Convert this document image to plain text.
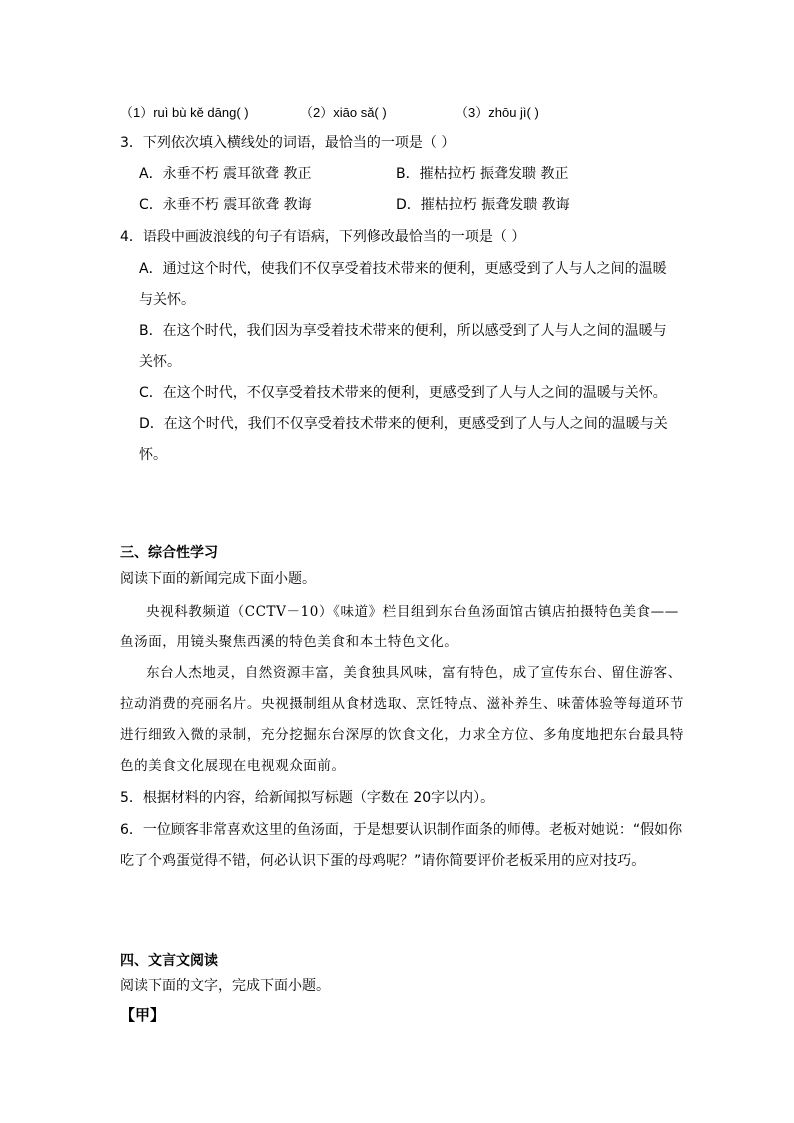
（1）ruì bù kě dāng( )	（2）xiāo sǎ( )	（3）zhōu jì( )
3．下列依次填入横线处的词语，最恰当的一项是（ ）
A．永垂不朽 震耳欲聋 教正	B．摧枯拉朽 振聋发聩 教正
C．永垂不朽 震耳欲聋 教诲	D．摧枯拉朽 振聋发聩 教诲
4．语段中画波浪线的句子有语病，下列修改最恰当的一项是（ ）
A．通过这个时代，使我们不仅享受着技术带来的便利，更感受到了人与人之间的温暖
与关怀。
B．在这个时代，我们因为享受着技术带来的便利，所以感受到了人与人之间的温暖与
关怀。
C．在这个时代，不仅享受着技术带来的便利，更感受到了人与人之间的温暖与关怀。
D．在这个时代，我们不仅享受着技术带来的便利，更感受到了人与人之间的温暖与关
怀。
三、综合性学习
阅读下面的新闻完成下面小题。
央视科教频道（CCTV－10）《味道》栏目组到东台鱼汤面馆古镇店拍摄特色美食——
鱼汤面，用镜头聚焦西溪的特色美食和本土特色文化。
东台人杰地灵，自然资源丰富，美食独具风味，富有特色，成了宣传东台、留住游客、
拉动消费的亮丽名片。央视摄制组从食材选取、烹饪特点、滋补养生、味蕾体验等每道环节
进行细致入微的录制，充分挖掘东台深厚的饮食文化，力求全方位、多角度地把东台最具特
色的美食文化展现在电视观众面前。
5．根据材料的内容，给新闻拟写标题（字数在 20字以内）。
6．一位顾客非常喜欢这里的鱼汤面，于是想要认识制作面条的师傅。老板对她说：“假如你
吃了个鸡蛋觉得不错，何必认识下蛋的母鸡呢？”请你简要评价老板采用的应对技巧。
四、文言文阅读
阅读下面的文字，完成下面小题。
【甲】
